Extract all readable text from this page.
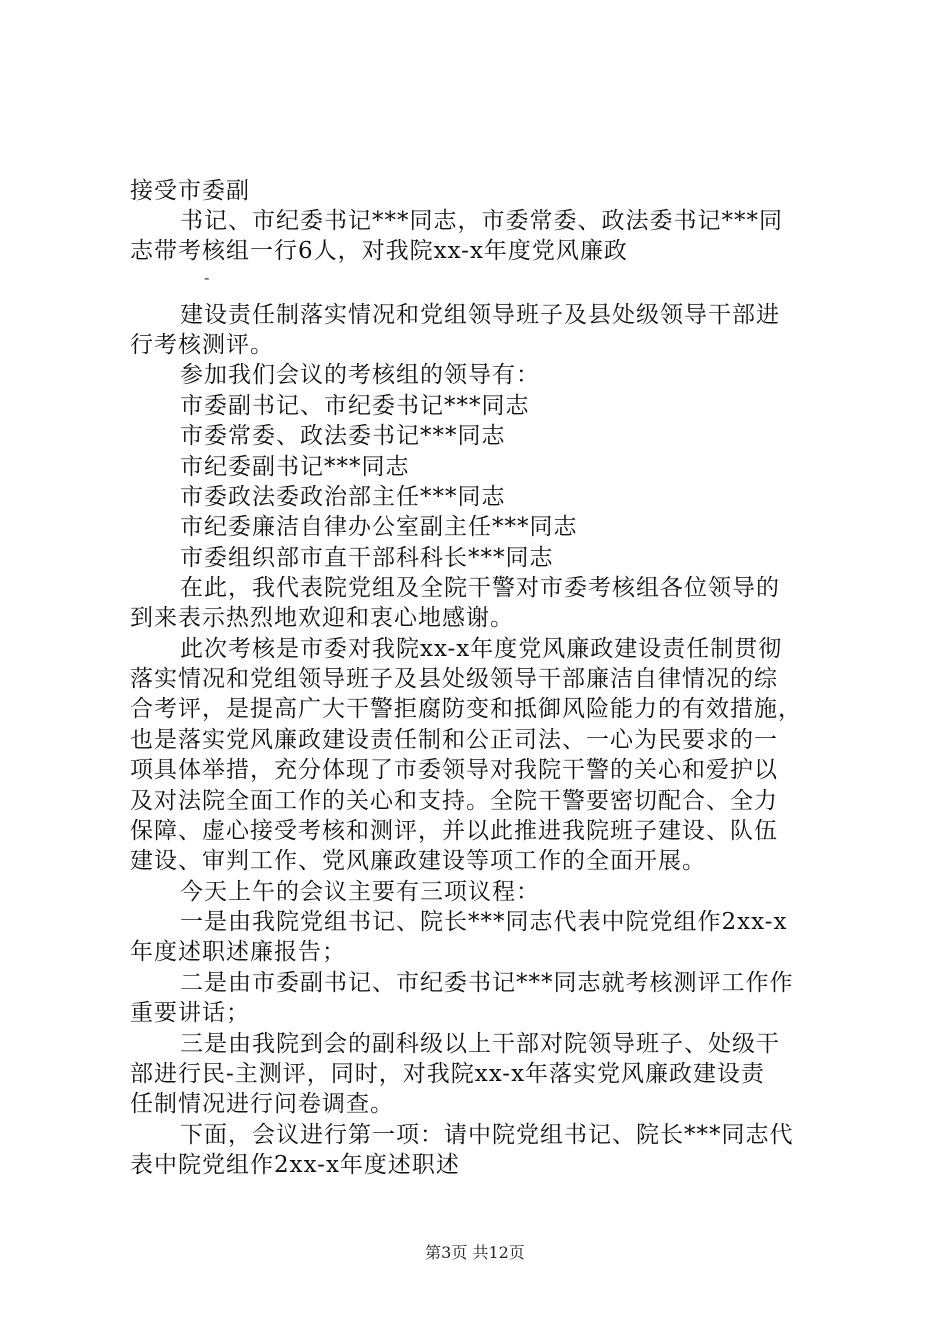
接受市委副
书记、市纪委书记***同志，市委常委、政法委书记***同
志带考核组一行6人，对我院xx-x年度党风廉政
-
建设责任制落实情况和党组领导班子及县处级领导干部进
行考核测评。
参加我们会议的考核组的领导有：
市委副书记、市纪委书记***同志
市委常委、政法委书记***同志
市纪委副书记***同志
市委政法委政治部主任***同志
市纪委廉洁自律办公室副主任***同志
市委组织部市直干部科科长***同志
在此，我代表院党组及全院干警对市委考核组各位领导的
到来表示热烈地欢迎和衷心地感谢。
此次考核是市委对我院xx-x年度党风廉政建设责任制贯彻
落实情况和党组领导班子及县处级领导干部廉洁自律情况的综
合考评，是提高广大干警拒腐防变和抵御风险能力的有效措施，
也是落实党风廉政建设责任制和公正司法、一心为民要求的一
项具体举措，充分体现了市委领导对我院干警的关心和爱护以
及对法院全面工作的关心和支持。全院干警要密切配合、全力
保障、虚心接受考核和测评，并以此推进我院班子建设、队伍
建设、审判工作、党风廉政建设等项工作的全面开展。
今天上午的会议主要有三项议程：
一是由我院党组书记、院长***同志代表中院党组作2xx-x
年度述职述廉报告；
二是由市委副书记、市纪委书记***同志就考核测评工作作
重要讲话；
三是由我院到会的副科级以上干部对院领导班子、处级干
部进行民-主测评，同时，对我院xx-x年落实党风廉政建设责
任制情况进行问卷调查。
下面，会议进行第一项：请中院党组书记、院长***同志代
表中院党组作2xx-x年度述职述
第3页 共12页
